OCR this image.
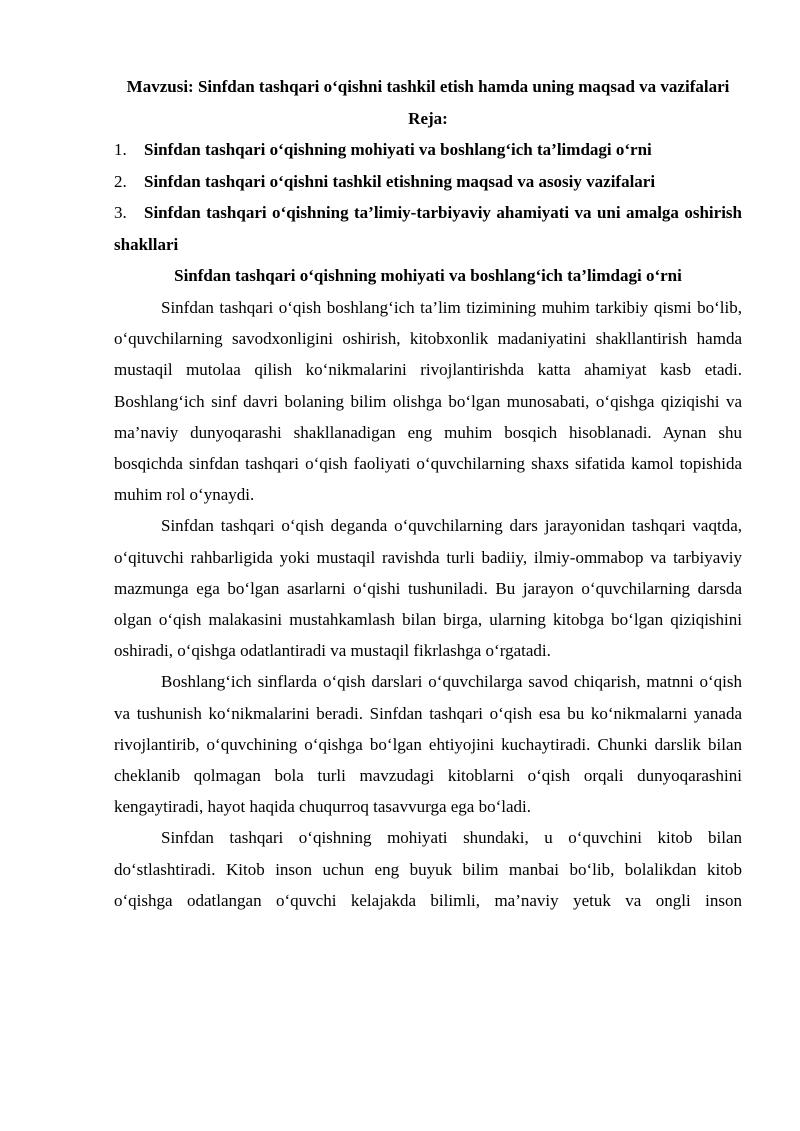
Mavzusi: Sinfdan tashqari o‘qishni tashkil etish hamda uning maqsad va vazifalari

Reja:

1. Sinfdan tashqari o‘qishning mohiyati va boshlang‘ich ta’limdagi o‘rni
2. Sinfdan tashqari o‘qishni tashkil etishning maqsad va asosiy vazifalari
3. Sinfdan tashqari o‘qishning ta’limiy-tarbiyaviy ahamiyati va uni amalga oshirish shakllari
Sinfdan tashqari o‘qishning mohiyati va boshlang‘ich ta’limdagi o‘rni

Sinfdan tashqari o‘qish boshlang‘ich ta’lim tizimining muhim tarkibiy qismi bo‘lib, o‘quvchilarning savodxonligini oshirish, kitobxonlik madaniyatini shakllantirish hamda mustaqil mutolaa qilish ko‘nikmalarini rivojlantirishda katta ahamiyat kasb etadi. Boshlang‘ich sinf davri bolaning bilim olishga bo‘lgan munosabati, o‘qishga qiziqishi va ma’naviy dunyoqarashi shakllanadigan eng muhim bosqich hisoblanadi. Aynan shu bosqichda sinfdan tashqari o‘qish faoliyati o‘quvchilarning shaxs sifatida kamol topishida muhim rol o‘ynaydi.

Sinfdan tashqari o‘qish deganda o‘quvchilarning dars jarayonidan tashqari vaqtda, o‘qituvchi rahbarligida yoki mustaqil ravishda turli badiiy, ilmiy-ommabop va tarbiyaviy mazmunga ega bo‘lgan asarlarni o‘qishi tushuniladi. Bu jarayon o‘quvchilarning darsda olgan o‘qish malakasini mustahkamlash bilan birga, ularning kitobga bo‘lgan qiziqishini oshiradi, o‘qishga odatlantiradi va mustaqil fikrlashga o‘rgatadi.

Boshlang‘ich sinflarda o‘qish darslari o‘quvchilarga savod chiqarish, matnni o‘qish va tushunish ko‘nikmalarini beradi. Sinfdan tashqari o‘qish esa bu ko‘nikmalarni yanada rivojlantirib, o‘quvchining o‘qishga bo‘lgan ehtiyojini kuchaytiradi. Chunki darslik bilan cheklanib qolmagan bola turli mavzudagi kitoblarni o‘qish orqali dunyoqarashini kengaytiradi, hayot haqida chuqurroq tasavvurga ega bo‘ladi.

Sinfdan tashqari o‘qishning mohiyati shundaki, u o‘quvchini kitob bilan do‘stlashtiradi. Kitob inson uchun eng buyuk bilim manbai bo‘lib, bolalikdan kitob o‘qishga odatlangan o‘quvchi kelajakda bilimli, ma’naviy yetuk va ongli inson
